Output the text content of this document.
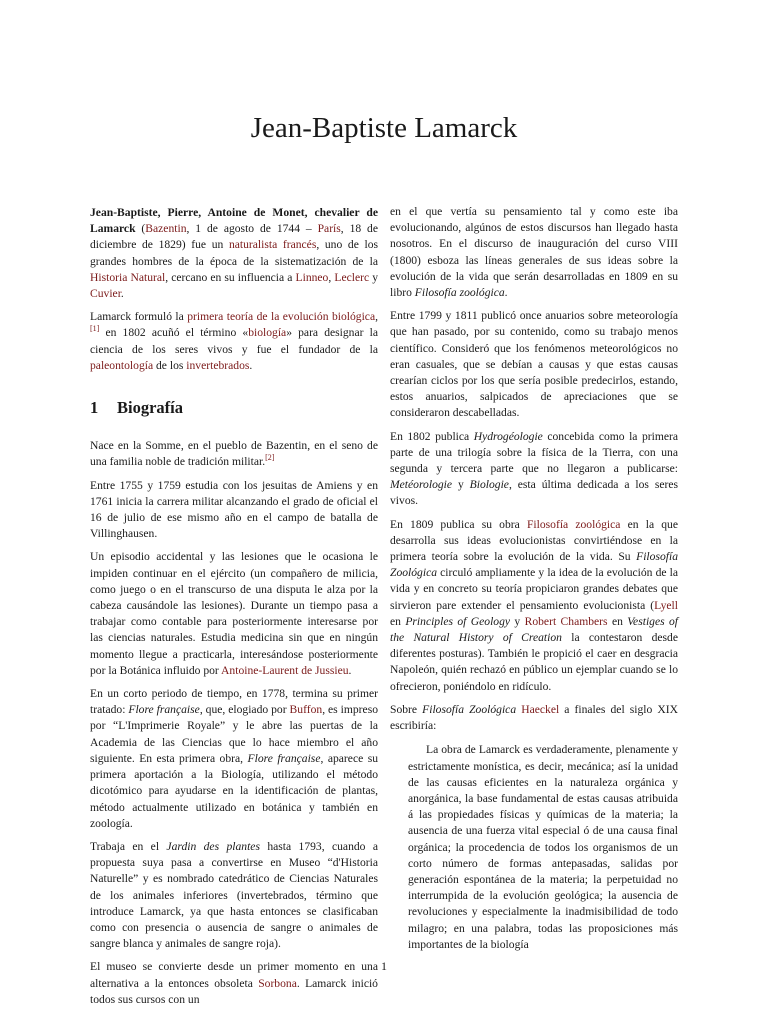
Jean-Baptiste Lamarck

Jean-Baptiste, Pierre, Antoine de Monet, chevalier de Lamarck (Bazentin, 1 de agosto de 1744 – París, 18 de diciembre de 1829) fue un naturalista francés, uno de los grandes hombres de la época de la sistematización de la Historia Natural, cercano en su influencia a Linneo, Leclerc y Cuvier.

Lamarck formuló la primera teoría de la evolución biológica,[1] en 1802 acuñó el término «biología» para designar la ciencia de los seres vivos y fue el fundador de la paleontología de los invertebrados.

1 Biografía

Nace en la Somme, en el pueblo de Bazentin, en el seno de una familia noble de tradición militar.[2]

Entre 1755 y 1759 estudia con los jesuitas de Amiens y en 1761 inicia la carrera militar alcanzando el grado de oficial el 16 de julio de ese mismo año en el campo de batalla de Villinghausen.

Un episodio accidental y las lesiones que le ocasiona le impiden continuar en el ejército (un compañero de milicia, como juego o en el transcurso de una disputa le alza por la cabeza causándole las lesiones). Durante un tiempo pasa a trabajar como contable para posteriormente interesarse por las ciencias naturales. Estudia medicina sin que en ningún momento llegue a practicarla, interesándose posteriormente por la Botánica influido por Antoine-Laurent de Jussieu.

En un corto periodo de tiempo, en 1778, termina su primer tratado: Flore française, que, elogiado por Buffon, es impreso por “L'Imprimerie Royale” y le abre las puertas de la Academia de las Ciencias que lo hace miembro el año siguiente. En esta primera obra, Flore française, aparece su primera aportación a la Biología, utilizando el método dicotómico para ayudarse en la identificación de plantas, método actualmente utilizado en botánica y también en zoología.

Trabaja en el Jardin des plantes hasta 1793, cuando a propuesta suya pasa a convertirse en Museo “d'Historia Naturelle” y es nombrado catedrático de Ciencias Naturales de los animales inferiores (invertebrados, término que introduce Lamarck, ya que hasta entonces se clasificaban como con presencia o ausencia de sangre o animales de sangre blanca y animales de sangre roja).

El museo se convierte desde un primer momento en una alternativa a la entonces obsoleta Sorbona. Lamarck inició todos sus cursos con un

en el que vertía su pensamiento tal y como este iba evolucionando, algúnos de estos discursos han llegado hasta nosotros. En el discurso de inauguración del curso VIII (1800) esboza las líneas generales de sus ideas sobre la evolución de la vida que serán desarrolladas en 1809 en su libro Filosofía zoológica.

Entre 1799 y 1811 publicó once anuarios sobre meteorología que han pasado, por su contenido, como su trabajo menos científico. Consideró que los fenómenos meteorológicos no eran casuales, que se debían a causas y que estas causas crearían ciclos por los que sería posible predecirlos, estando, estos anuarios, salpicados de apreciaciones que se consideraron descabelladas.

En 1802 publica Hydrogéologie concebida como la primera parte de una trilogía sobre la física de la Tierra, con una segunda y tercera parte que no llegaron a publicarse: Metéorologie y Biologie, esta última dedicada a los seres vivos.

En 1809 publica su obra Filosofía zoológica en la que desarrolla sus ideas evolucionistas convirtiéndose en la primera teoría sobre la evolución de la vida. Su Filosofía Zoológica circuló ampliamente y la idea de la evolución de la vida y en concreto su teoría propiciaron grandes debates que sirvieron pare extender el pensamiento evolucionista (Lyell en Principles of Geology y Robert Chambers en Vestiges of the Natural History of Creation la contestaron desde diferentes posturas). También le propició el caer en desgracia Napoleón, quién rechazó en público un ejemplar cuando se lo ofrecieron, poniéndolo en ridículo.

Sobre Filosofía Zoológica Haeckel a finales del siglo XIX escribiría:

La obra de Lamarck es verdaderamente, plenamente y estrictamente monística, es decir, mecánica; así la unidad de las causas eficientes en la naturaleza orgánica y anorgánica, la base fundamental de estas causas atribuida á las propiedades físicas y químicas de la materia; la ausencia de una fuerza vital especial ó de una causa final orgánica; la procedencia de todos los organismos de un corto número de formas antepasadas, salidas por generación espontánea de la materia; la perpetuidad no interrumpida de la evolución geológica; la ausencia de revoluciones y especialmente la inadmisibilidad de todo milagro; en una palabra, todas las proposiciones más importantes de la biología
1
